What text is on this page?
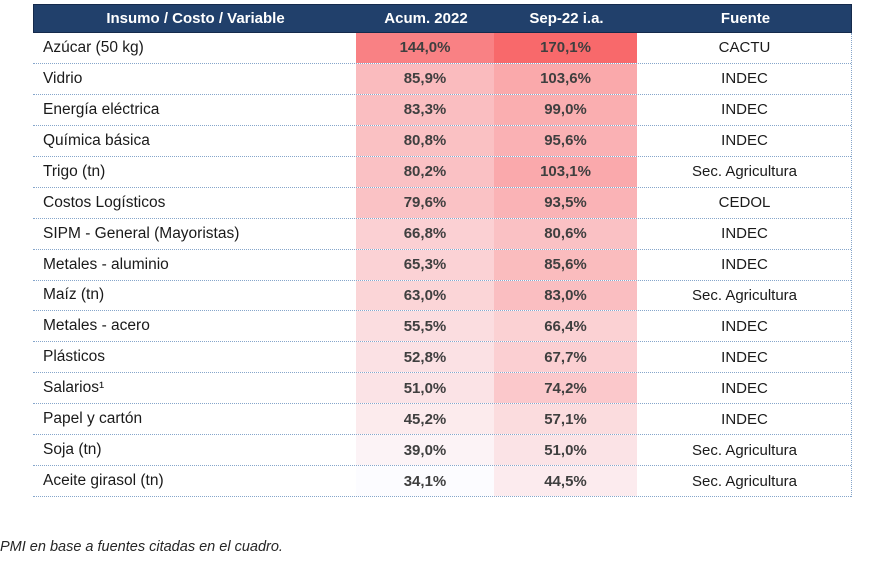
Insumo / Costo / Variable	Acum. 2022	Sep-22 i.a.	Fuente
Azúcar (50 kg)	144,0%	170,1%	CACTU
Vidrio	85,9%	103,6%	INDEC
Energía eléctrica	83,3%	99,0%	INDEC
Química básica	80,8%	95,6%	INDEC
Trigo (tn)	80,2%	103,1%	Sec. Agricultura
Costos Logísticos	79,6%	93,5%	CEDOL
SIPM - General (Mayoristas)	66,8%	80,6%	INDEC
Metales - aluminio	65,3%	85,6%	INDEC
Maíz (tn)	63,0%	83,0%	Sec. Agricultura
Metales - acero	55,5%	66,4%	INDEC
Plásticos	52,8%	67,7%	INDEC
Salarios¹	51,0%	74,2%	INDEC
Papel y cartón	45,2%	57,1%	INDEC
Soja (tn)	39,0%	51,0%	Sec. Agricultura
Aceite girasol (tn)	34,1%	44,5%	Sec. Agricultura
PMI en base a fuentes citadas en el cuadro.
